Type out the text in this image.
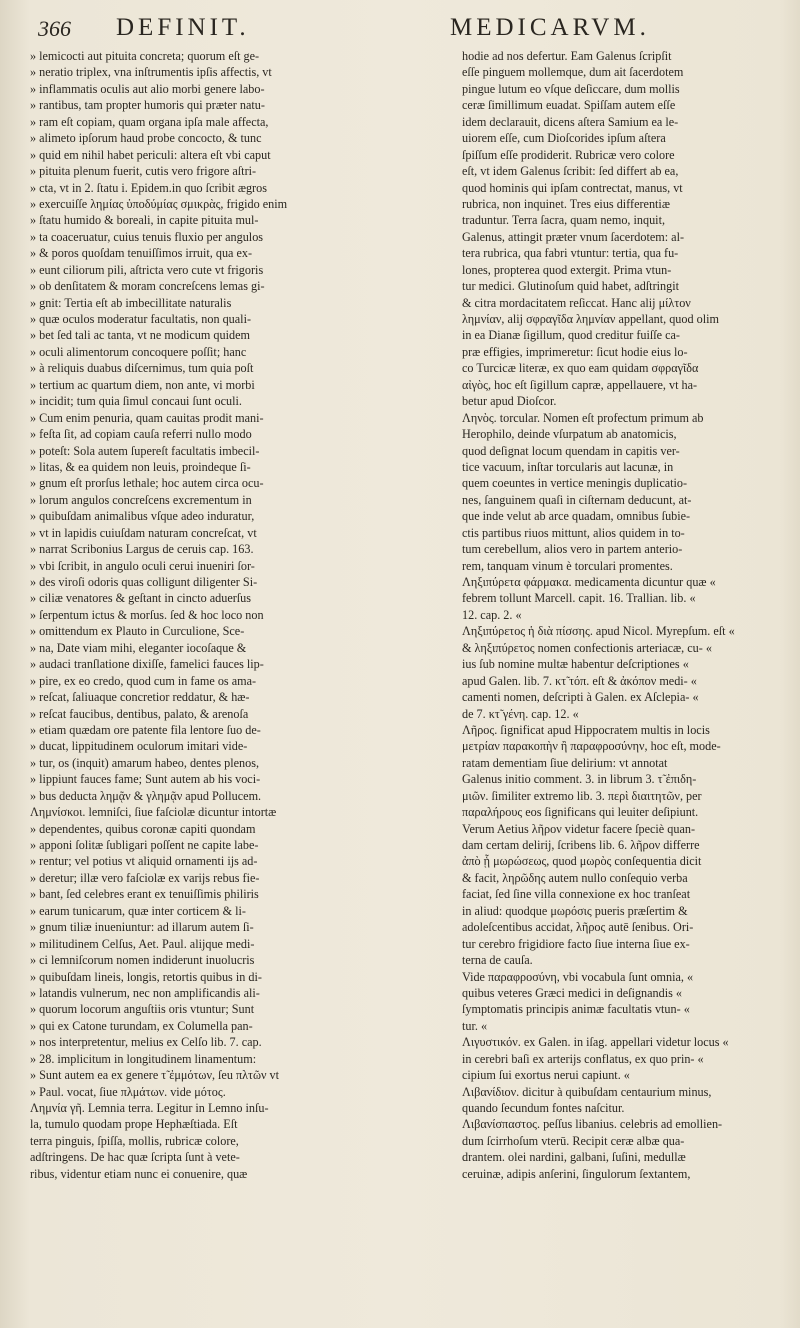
366 DEFINIT.	MEDICARVM.
» lemicocti aut pituita concreta; quorum eſt ge-
» neratio triplex, vna inſtrumentis ipſis affectis, vt
» inflammatis oculis aut alio morbi genere labo-
» rantibus, tam propter humoris qui præter natu-
» ram eſt copiam, quam organa ipſa male affecta,
» alimeto ipſorum haud probe concocto, & tunc
» quid em nihil habet periculi: altera eſt vbi caput
» pituita plenum fuerit, cutis vero frigore aſtri-
» cta, vt in 2. ſtatu i. Epidem.in quo ſcribit ægros
» exercuiſſe λημίας ὑποδύμίας σμικρὰς, frigido enim
» ſtatu humido & boreali, in capite pituita mul-
» ta coaceruatur, cuius tenuis fluxio per angulos
» & poros quoſdam tenuiſſimos irruit, qua ex-
» eunt ciliorum pili, aſtricta vero cute vt frigoris
» ob denſitatem & moram concreſcens lemas gi-
» gnit: Tertia eſt ab imbecillitate naturalis
» quæ oculos moderatur facultatis, non quali-
» bet ſed tali ac tanta, vt ne modicum quidem
» oculi alimentorum concoquere poſſit; hanc
» à reliquis duabus diſcernimus, tum quia poſt
» tertium ac quartum diem, non ante, vi morbi
» incidit; tum quia ſimul concaui ſunt oculi.
» Cum enim penuria, quam cauitas prodit mani-
» feſta ſit, ad copiam cauſa referri nullo modo
» poteſt: Sola autem ſupereſt facultatis imbecil-
» litas, & ea quidem non leuis, proindeque ſi-
» gnum eſt prorſus lethale; hoc autem circa ocu-
» lorum angulos concreſcens excrementum in
» quibuſdam animalibus vſque adeo induratur,
» vt in lapidis cuiuſdam naturam concreſcat, vt
» narrat Scribonius Largus de ceruis cap. 163.
» vbi ſcribit, in angulo oculi cerui inueniri ſor-
» des viroſi odoris quas colligunt diligenter Si-
» ciliæ venatores & geſtant in cincto aduerſus
» ſerpentum ictus & morſus. ſed & hoc loco non
» omittendum ex Plauto in Curculione, Sce-
» na, Date viam mihi, eleganter iocoſaque &
» audaci tranſlatione dixiſſe, famelici fauces lip-
» pire, ex eo credo, quod cum in fame os ama-
» reſcat, ſaliuaque concretior reddatur, & hæ-
» reſcat faucibus, dentibus, palato, & arenoſa
» etiam quædam ore patente fila lentore ſuo de-
» ducat, lippitudinem oculorum imitari vide-
» tur, os (inquit) amarum habeo, dentes plenos,
» lippiunt fauces fame; Sunt autem ab his voci-
» bus deducta λημᾷν & γλημᾷν apud Pollucem.
Λημνίσκοι. lemniſci, ſiue faſciolæ dicuntur intortæ
» dependentes, quibus coronæ capiti quondam
» apponi ſolitæ ſubligari poſſent ne capite labe-
» rentur; vel potius vt aliquid ornamenti ijs ad-
» deretur; illæ vero faſciolæ ex varijs rebus fie-
» bant, ſed celebres erant ex tenuiſſimis philiris
» earum tunicarum, quæ inter corticem & li-
» gnum tiliæ inueniuntur: ad illarum autem ſi-
» militudinem Celſus, Aet. Paul. alijque medi-
» ci lemniſcorum nomen indiderunt inuolucris
» quibuſdam lineis, longis, retortis quibus in di-
» latandis vulnerum, nec non amplificandis ali-
» quorum locorum anguſtiis oris vtuntur; Sunt
» qui ex Catone turundam, ex Columella pan-
» nos interpretentur, melius ex Celſo lib. 7. cap.
» 28. implicitum in longitudinem linamentum:
» Sunt autem ea ex genere τ̃ ἐμμότων, ſeu πλτῶν vt
» Paul. vocat, ſiue πλμάτων. vide μότος.
Λημνία γῆ. Lemnia terra. Legitur in Lemno inſu-
la, tumulo quodam prope Hephæſtiada. Eſt
terra pinguis, ſpiſſa, mollis, rubricæ colore,
adſtringens. De hac quæ ſcripta ſunt à vete-
ribus, videntur etiam nunc ei conuenire, quæ
hodie ad nos defertur. Eam Galenus ſcripſit
eſſe pinguem mollemque, dum ait ſacerdotem
pingue lutum eo vſque deſiccare, dum mollis
ceræ ſimillimum euadat. Spiſſam autem eſſe
idem declarauit, dicens aſtera Samium ea le-
uiorem eſſe, cum Dioſcorides ipſum aſtera
ſpiſſum eſſe prodiderit. Rubricæ vero colore
eſt, vt idem Galenus ſcribit: ſed differt ab ea,
quod hominis qui ipſam contrectat, manus, vt
rubrica, non inquinet. Tres eius differentiæ
traduntur. Terra ſacra, quam nemo, inquit,
Galenus, attingit præter vnum ſacerdotem: al-
tera rubrica, qua fabri vtuntur: tertia, qua fu-
lones, propterea quod extergit. Prima vtun-
tur medici. Glutinoſum quid habet, adſtringit
& citra mordacitatem reſiccat. Hanc alij μίλτον
λημνίαν, alij σφραγῖδα λημνίαν appellant, quod olim
in ea Dianæ ſigillum, quod creditur fuiſſe ca-
præ effigies, imprimeretur: ſicut hodie eius lo-
co Turcicæ literæ, ex quo eam quidam σφραγῖδα
αἰγὸς, hoc eſt ſigillum capræ, appellauere, vt ha-
betur apud Dioſcor.
Ληνὸς. torcular. Nomen eſt profectum primum ab
Herophilo, deinde vſurpatum ab anatomicis,
quod deſignat locum quendam in capitis ver-
tice vacuum, inſtar torcularis aut lacunæ, in
quem coeuntes in vertice meningis duplicatio-
nes, ſanguinem quaſi in ciſternam deducunt, at-
que inde velut ab arce quadam, omnibus ſubie-
ctis partibus riuos mittunt, alios quidem in to-
tum cerebellum, alios vero in partem anterio-
rem, tanquam vinum è torculari promentes.
Ληξιπύρετα φάρμακα. medicamenta dicuntur quæ «
febrem tollunt Marcell. capit. 16. Trallian. lib. «
12. cap. 2. «
Ληξιπύρετος ἡ διὰ πίσσης. apud Nicol. Myrepſum. eſt «
& ληξιπύρετος nomen confectionis arteriacæ, cu- «
ius ſub nomine multæ habentur deſcriptiones «
apud Galen. lib. 7. κτ̃ τόπ. eſt & ἀκόπον medi- «
camenti nomen, deſcripti à Galen. ex Aſclepia- «
de 7. κτ̃ γένη. cap. 12. «
Λῆρος. ſignificat apud Hippocratem multis in locis
μετρίαν παρακοπὴν ἢ παραφροσύνην, hoc eſt, mode-
ratam dementiam ſiue delirium: vt annotat
Galenus initio comment. 3. in librum 3. τ̃ ἐπιδη-
μιῶν. ſimiliter extremo lib. 3. περὶ διαιτητῶν, per
παραλήρους eos ſignificans qui leuiter deſipiunt.
Verum Aetius λῆρον videtur facere ſpeciè quan-
dam certam delirij, ſcribens lib. 6. λῆρον differre
ἀπὸ ᾗ μωρώσεως, quod μωρὸς conſequentia dicit
& facit, ληρῶδης autem nullo conſequio verba
faciat, ſed ſine villa connexione ex hoc tranſeat
in aliud: quodque μωρόσις pueris præſertim &
adoleſcentibus accidat, λῆρος autē ſenibus. Ori-
tur cerebro frigidiore facto ſiue interna ſiue ex-
terna de cauſa.
Vide παραφροσύνη, vbi vocabula ſunt omnia, «
quibus veteres Græci medici in deſignandis «
ſymptomatis principis animæ facultatis vtun- «
tur. «
Λιγυστικόν. ex Galen. in iſag. appellari videtur locus «
in cerebri baſi ex arterijs conflatus, ex quo prin- «
cipium ſui exortus nerui capiunt. «
Λιβανίδιον. dicitur à quibuſdam centaurium minus,
quando ſecundum fontes naſcitur.
Λιβανίσπαστος. peſſus libanius. celebris ad emollien-
dum ſcirrhoſum vterū. Recipit ceræ albæ qua-
drantem. olei nardini, galbani, ſuſini, medullæ
ceruinæ, adipis anſerini, ſingulorum ſextantem,
